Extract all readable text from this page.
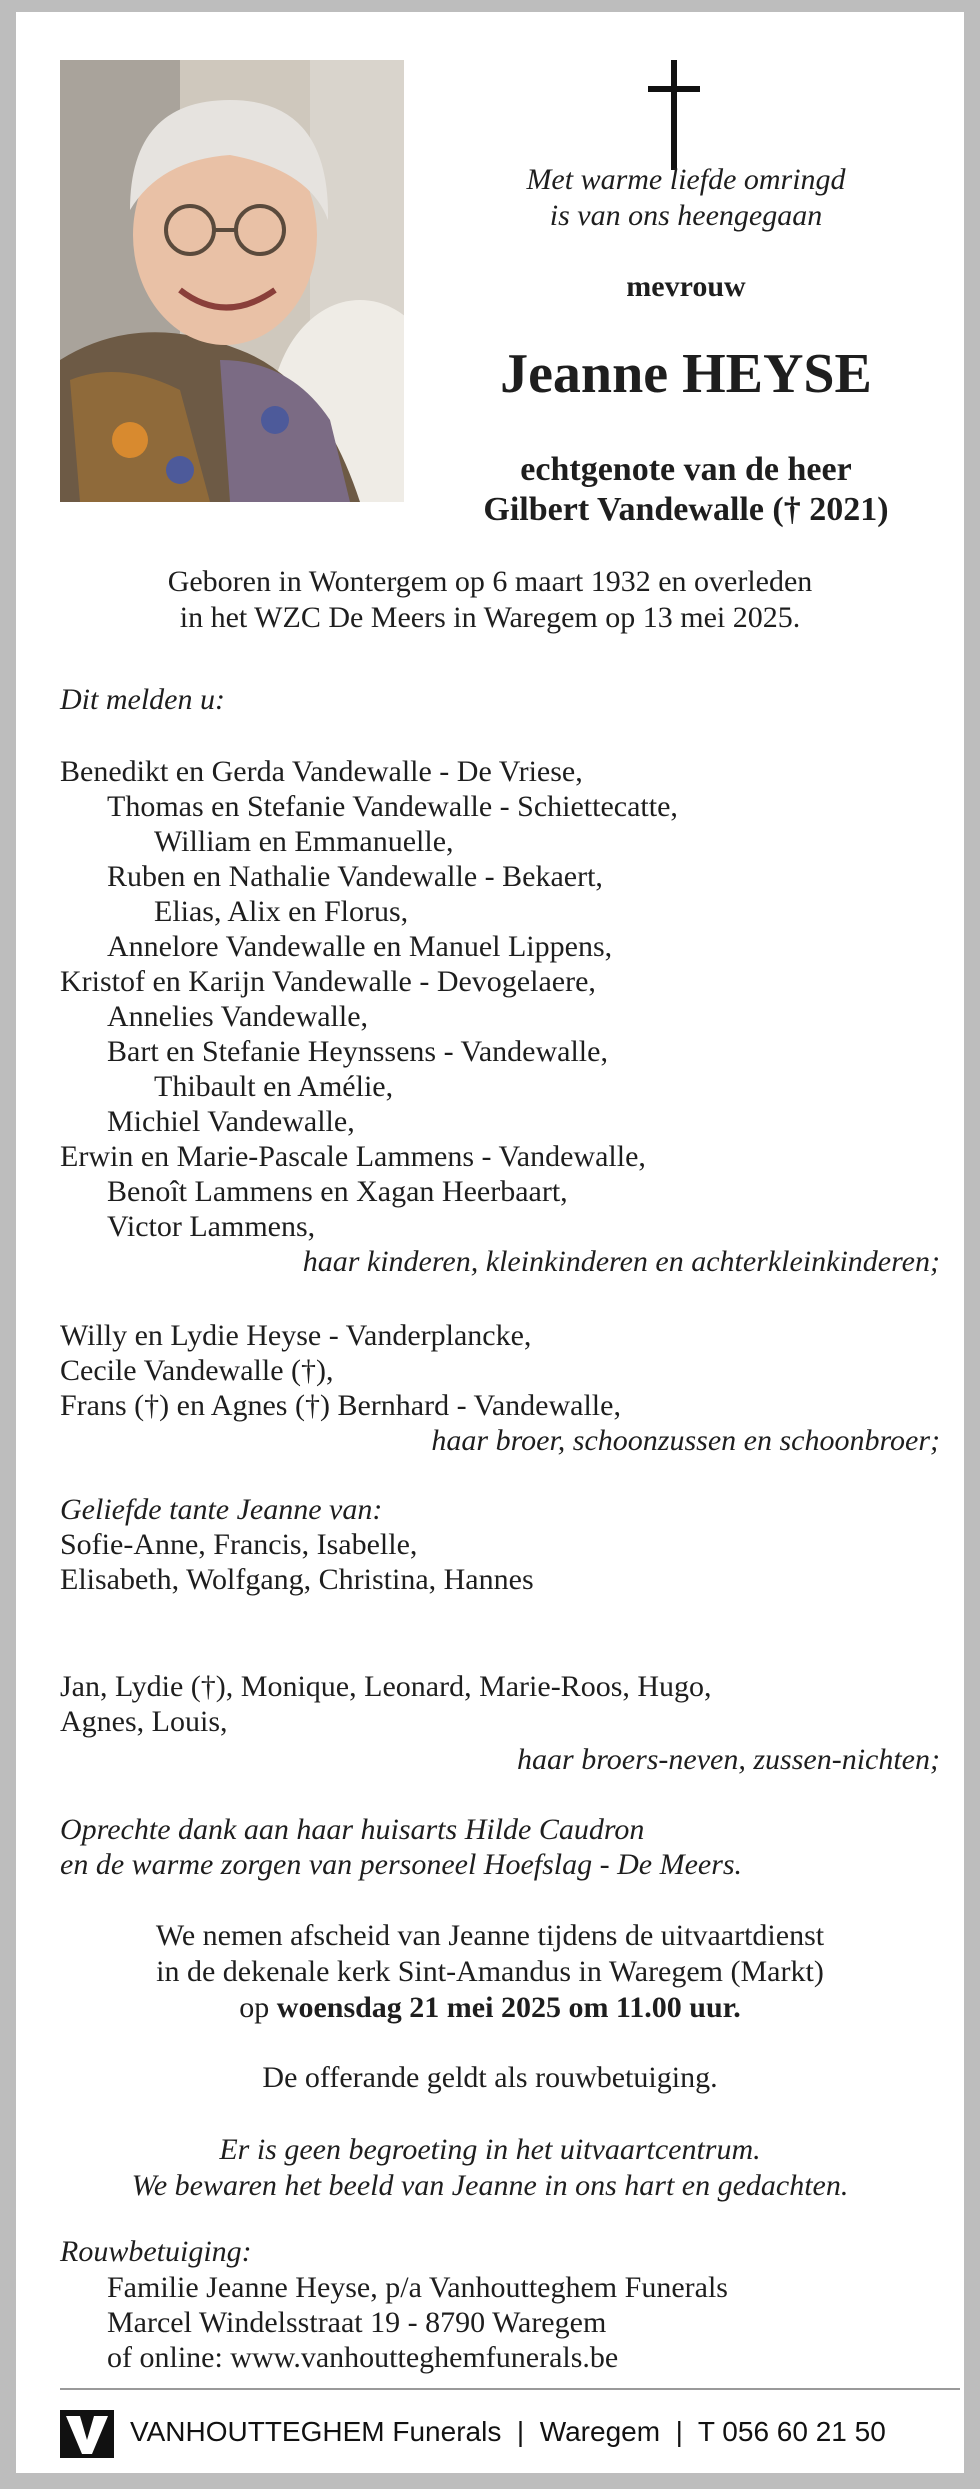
Met warme liefde omringd
is van ons heengegaan
mevrouw
Jeanne HEYSE
echtgenote van de heer
Gilbert Vandewalle († 2021)
Geboren in Wontergem op 6 maart 1932 en overleden
in het WZC De Meers in Waregem op 13 mei 2025.
Dit melden u:
Benedikt en Gerda Vandewalle - De Vriese,
Thomas en Stefanie Vandewalle - Schiettecatte,
William en Emmanuelle,
Ruben en Nathalie Vandewalle - Bekaert,
Elias, Alix en Florus,
Annelore Vandewalle en Manuel Lippens,
Kristof en Karijn Vandewalle - Devogelaere,
Annelies Vandewalle,
Bart en Stefanie Heynssens - Vandewalle,
Thibault en Amélie,
Michiel Vandewalle,
Erwin en Marie-Pascale Lammens - Vandewalle,
Benoît Lammens en Xagan Heerbaart,
Victor Lammens,
haar kinderen, kleinkinderen en achterkleinkinderen;
Willy en Lydie Heyse - Vanderplancke,
Cecile Vandewalle (†),
Frans (†) en Agnes (†) Bernhard - Vandewalle,
haar broer, schoonzussen en schoonbroer;
Geliefde tante Jeanne van:
Sofie-Anne, Francis, Isabelle,
Elisabeth, Wolfgang, Christina, Hannes
Jan, Lydie (†), Monique, Leonard, Marie-Roos, Hugo,
Agnes, Louis,
haar broers-neven, zussen-nichten;
Oprechte dank aan haar huisarts Hilde Caudron
en de warme zorgen van personeel Hoefslag - De Meers.
We nemen afscheid van Jeanne tijdens de uitvaartdienst
in de dekenale kerk Sint-Amandus in Waregem (Markt)
op woensdag 21 mei 2025 om 11.00 uur.
De offerande geldt als rouwbetuiging.
Er is geen begroeting in het uitvaartcentrum.
We bewaren het beeld van Jeanne in ons hart en gedachten.
Rouwbetuiging:
Familie Jeanne Heyse, p/a Vanhoutteghem Funerals
Marcel Windelsstraat 19 - 8790 Waregem
of online: www.vanhoutteghemfunerals.be
VANHOUTTEGHEM Funerals  |  Waregem  |  T 056 60 21 50
